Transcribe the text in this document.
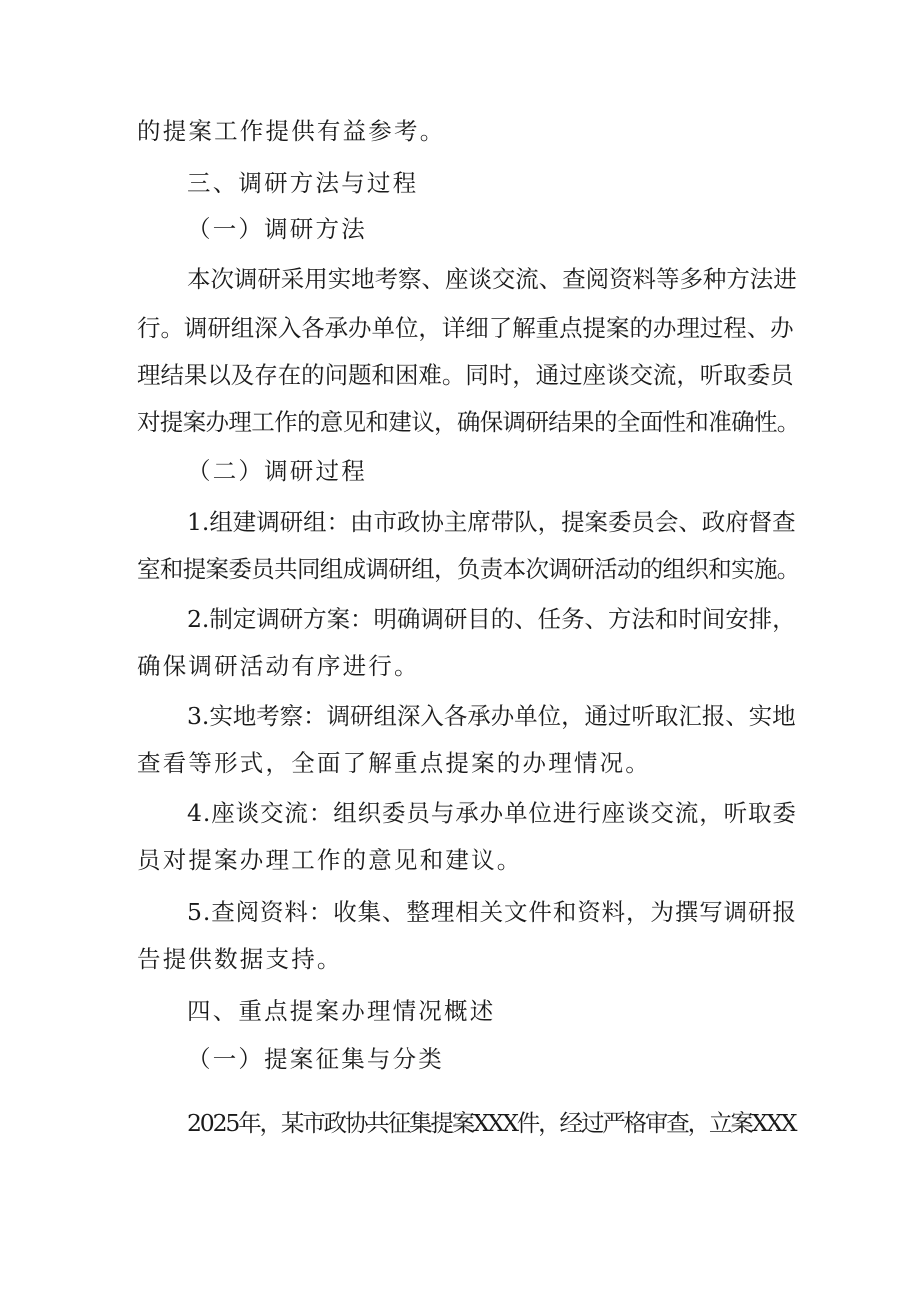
的提案工作提供有益参考。
三、调研方法与过程
（一）调研方法
本次调研采用实地考察、座谈交流、查阅资料等多种方法进
行。调研组深入各承办单位，详细了解重点提案的办理过程、办
理结果以及存在的问题和困难。同时，通过座谈交流，听取委员
对提案办理工作的意见和建议，确保调研结果的全面性和准确性。
（二）调研过程
1.组建调研组：由市政协主席带队，提案委员会、政府督查
室和提案委员共同组成调研组，负责本次调研活动的组织和实施。
2.制定调研方案：明确调研目的、任务、方法和时间安排，
确保调研活动有序进行。
3.实地考察：调研组深入各承办单位，通过听取汇报、实地
查看等形式，全面了解重点提案的办理情况。
4.座谈交流：组织委员与承办单位进行座谈交流，听取委
员对提案办理工作的意见和建议。
5.查阅资料：收集、整理相关文件和资料，为撰写调研报
告提供数据支持。
四、重点提案办理情况概述
（一）提案征集与分类
2025年，某市政协共征集提案XXX件，经过严格审查，立案XXX
